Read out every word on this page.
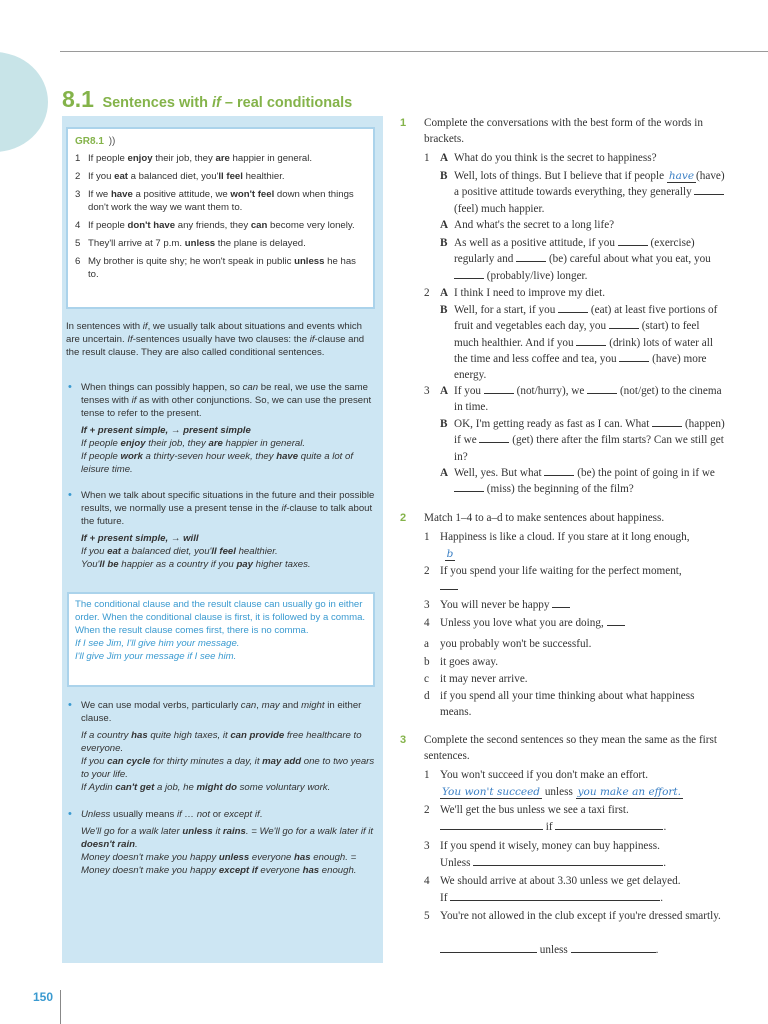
8.1 Sentences with if – real conditionals
GR8.1 ))
1 If people enjoy their job, they are happier in general.
2 If you eat a balanced diet, you'll feel healthier.
3 If we have a positive attitude, we won't feel down when things don't work the way we want them to.
4 If people don't have any friends, they can become very lonely.
5 They'll arrive at 7 p.m. unless the plane is delayed.
6 My brother is quite shy; he won't speak in public unless he has to.
In sentences with if, we usually talk about situations and events which are uncertain. If-sentences usually have two clauses: the if-clause and the result clause. They are also called conditional sentences.
• When things can possibly happen, so can be real, we use the same tenses with if as with other conjunctions. So, we can use the present tense to refer to the present.
If + present simple, → present simple
If people enjoy their job, they are happier in general.
If people work a thirty-seven hour week, they have quite a lot of leisure time.
• When we talk about specific situations in the future and their possible results, we normally use a present tense in the if-clause to talk about the future.
If + present simple, → will
If you eat a balanced diet, you'll feel healthier.
You'll be happier as a country if you pay higher taxes.
The conditional clause and the result clause can usually go in either order. When the conditional clause is first, it is followed by a comma. When the result clause comes first, there is no comma.
If I see Jim, I'll give him your message.
I'll give Jim your message if I see him.
• We can use modal verbs, particularly can, may and might in either clause.
If a country has quite high taxes, it can provide free healthcare to everyone.
If you can cycle for thirty minutes a day, it may add one to two years to your life.
If Aydin can't get a job, he might do some voluntary work.
• Unless usually means if … not or except if.
We'll go for a walk later unless it rains. = We'll go for a walk later if it doesn't rain.
Money doesn't make you happy unless everyone has enough. = Money doesn't make you happy except if everyone has enough.
1 Complete the conversations with the best form of the words in brackets.
1 A What do you think is the secret to happiness?
B Well, lots of things. But I believe that if people have (have) a positive attitude towards everything, they generally  (feel) much happier.
A And what's the secret to a long life?
B As well as a positive attitude, if you	(exercise) regularly and	(be) careful about what you eat, you  (probably/live) longer.
2 A I think I need to improve my diet.
B Well, for a start, if you	(eat) at least five portions of fruit and vegetables each day, you	(start) to feel much healthier. And if you	(drink) lots of water all the time and less coffee and tea, you	(have) more energy.
3 A If you	(not/hurry), we	(not/get) to the cinema in time.
B OK, I'm getting ready as fast as I can. What	(happen) if we	(get) there after the film starts? Can we still get in?
A Well, yes. But what	(be) the point of going in if we  (miss) the beginning of the film?
2 Match 1–4 to a–d to make sentences about happiness.
1 Happiness is like a cloud. If you stare at it long enough,
b
2 If you spend your life waiting for the perfect moment,
3 You will never be happy
4 Unless you love what you are doing,
a you probably won't be successful.
b it goes away.
c it may never arrive.
d if you spend all your time thinking about what happiness means.
3 Complete the second sentences so they mean the same as the first sentences.
1 You won't succeed if you don't make an effort.
You won't succeed unless you make an effort.
2 We'll get the bus unless we see a taxi first.
if	.
3 If you spend it wisely, money can buy happiness.
Unless	.
4 We should arrive at about 3.30 unless we get delayed.
If	.
5 You're not allowed in the club except if you're dressed smartly.
unless	.
150
